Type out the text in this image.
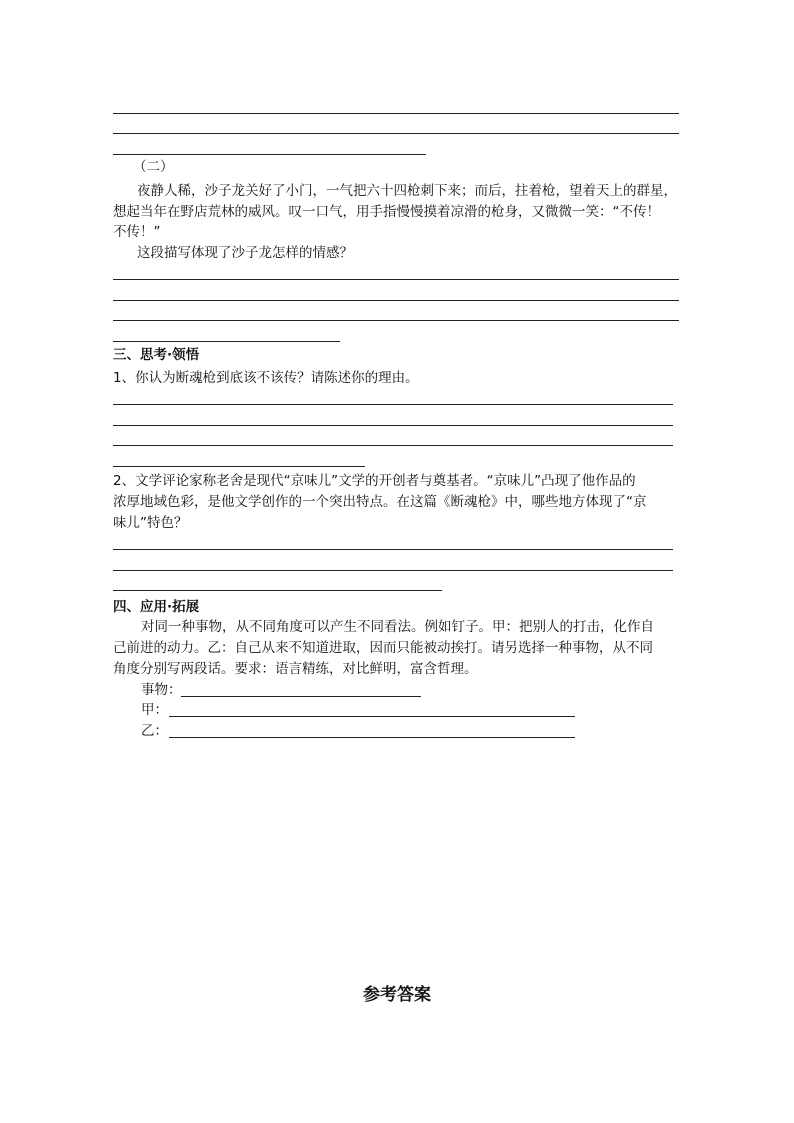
（二）
夜静人稀，沙子龙关好了小门，一气把六十四枪刺下来；而后，拄着枪，望着天上的群星，
想起当年在野店荒林的威风。叹一口气，用手指慢慢摸着凉滑的枪身，又微微一笑：“不传！
不传！”
这段描写体现了沙子龙怎样的情感？
三、思考·领悟
1、你认为断魂枪到底该不该传？请陈述你的理由。
2、文学评论家称老舍是现代“京味儿”文学的开创者与奠基者。“京味儿”凸现了他作品的
浓厚地域色彩，是他文学创作的一个突出特点。在这篇《断魂枪》中，哪些地方体现了“京
味儿”特色？
四、应用·拓展
对同一种事物，从不同角度可以产生不同看法。例如钉子。甲：把别人的打击，化作自
己前进的动力。乙：自己从来不知道进取，因而只能被动挨打。请另选择一种事物，从不同
角度分别写两段话。要求：语言精练，对比鲜明，富含哲理。
事物：
甲：
乙：
参考答案
